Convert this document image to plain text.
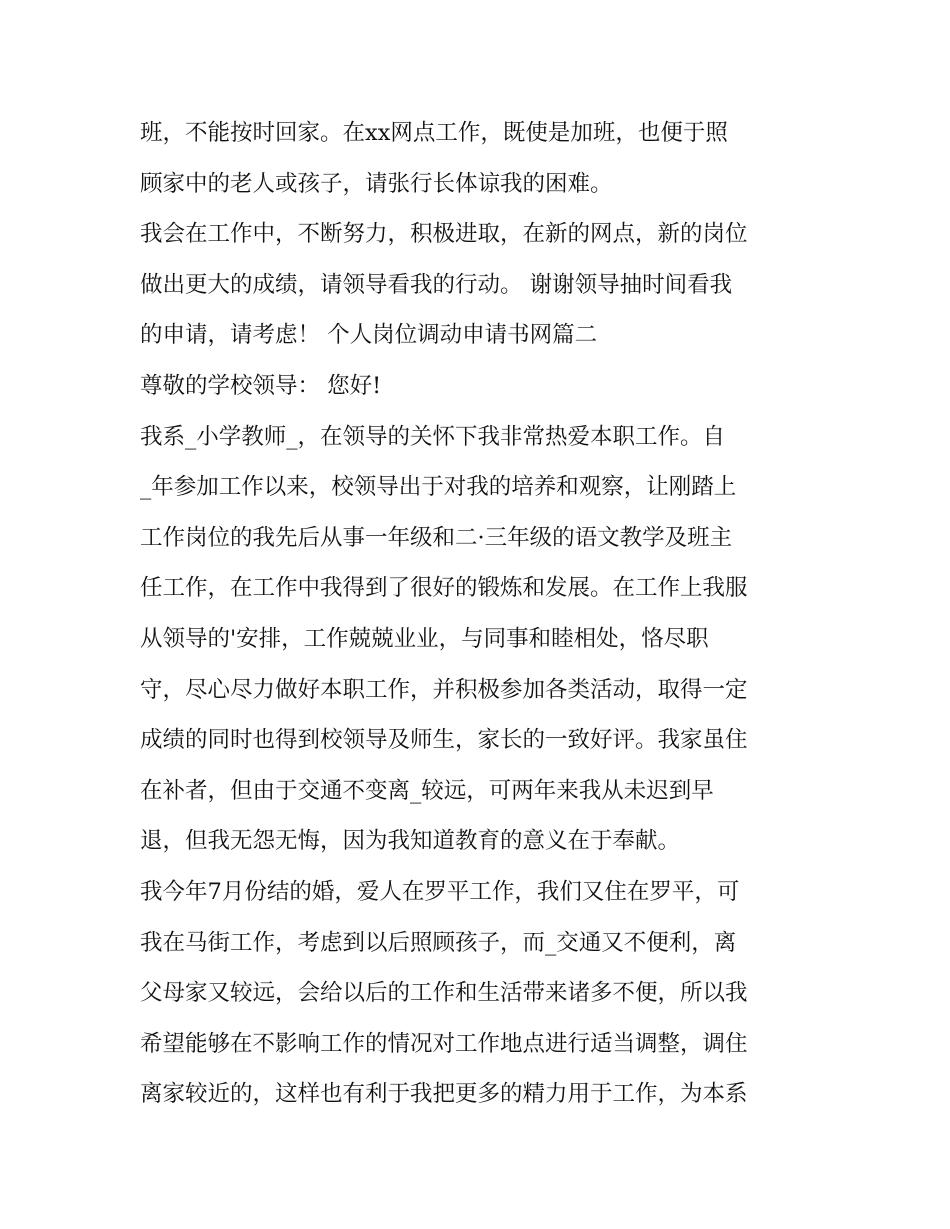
班，不能按时回家。在xx网点工作，既使是加班，也便于照
顾家中的老人或孩子，请张行长体谅我的困难。
我会在工作中，不断努力，积极进取，在新的网点，新的岗位
做出更大的成绩，请领导看我的行动。 谢谢领导抽时间看我
的申请，请考虑！ 个人岗位调动申请书网篇二
尊敬的学校领导： 您好!
我系_小学教师_，在领导的关怀下我非常热爱本职工作。自
_年参加工作以来，校领导出于对我的培养和观察，让刚踏上
工作岗位的我先后从事一年级和二·三年级的语文教学及班主
任工作，在工作中我得到了很好的锻炼和发展。在工作上我服
从领导的'安排，工作兢兢业业，与同事和睦相处，恪尽职
守，尽心尽力做好本职工作，并积极参加各类活动，取得一定
成绩的同时也得到校领导及师生，家长的一致好评。我家虽住
在补者，但由于交通不变离_较远，可两年来我从未迟到早
退，但我无怨无悔，因为我知道教育的意义在于奉献。
我今年7月份结的婚，爱人在罗平工作，我们又住在罗平，可
我在马街工作，考虑到以后照顾孩子，而_交通又不便利，离
父母家又较远，会给以后的工作和生活带来诸多不便，所以我
希望能够在不影响工作的情况对工作地点进行适当调整，调住
离家较近的，这样也有利于我把更多的精力用于工作，为本系
